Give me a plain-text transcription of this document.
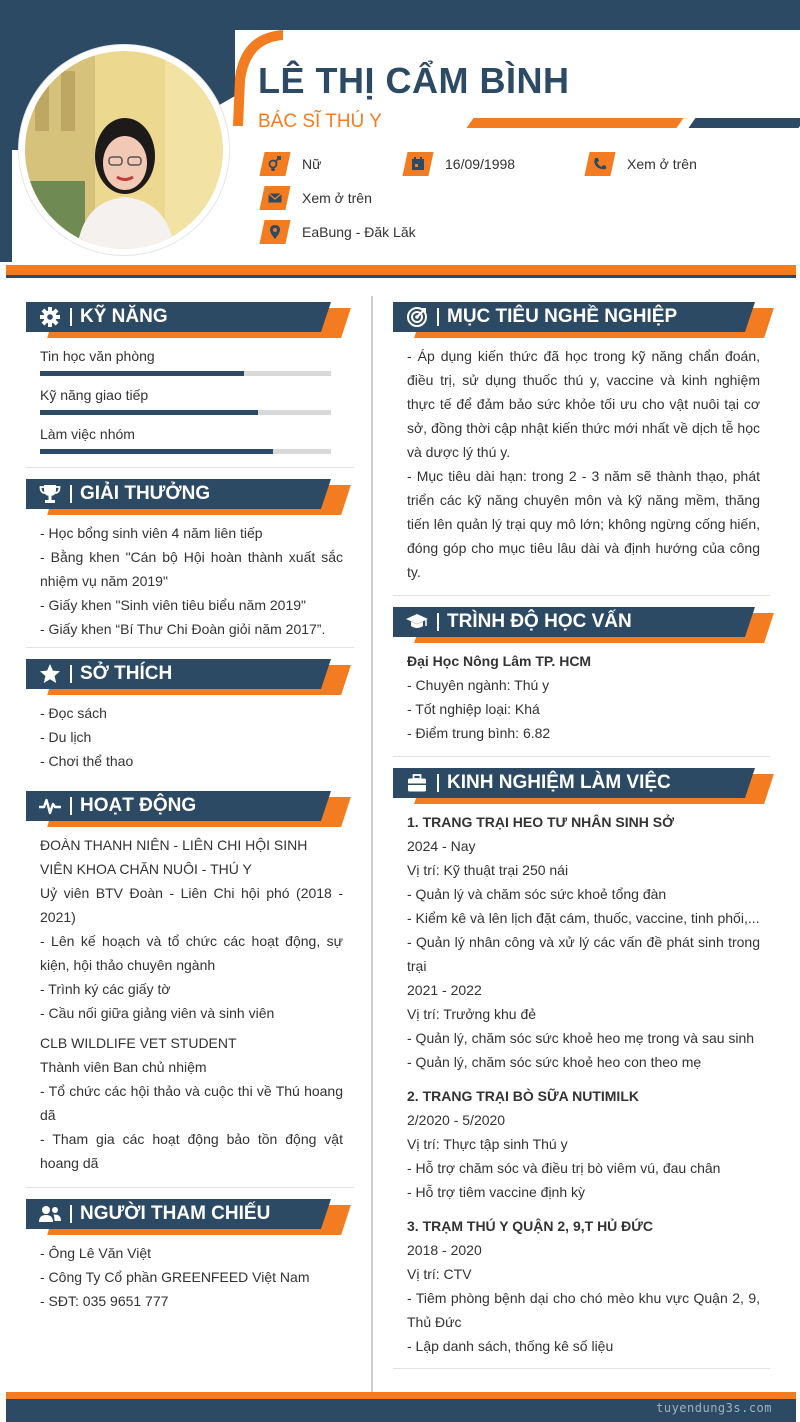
LÊ THỊ CẨM BÌNH
BÁC SĨ THÚ Y
Nữ	16/09/1998	Xem ở trên
Xem ở trên
EaBung - Đăk Lăk
KỸ NĂNG
Tin học văn phòng
Kỹ năng giao tiếp
Làm việc nhóm
GIẢI THƯỞNG

- Học bổng sinh viên 4 năm liên tiếp

- Bằng khen "Cán bộ Hội hoàn thành xuất sắc nhiệm vụ năm 2019"

- Giấy khen "Sinh viên tiêu biểu năm 2019"

- Giấy khen “Bí Thư Chi Đoàn giỏi năm 2017”.

SỞ THÍCH

- Đọc sách

- Du lịch

- Chơi thể thao

HOẠT ĐỘNG

ĐOÀN THANH NIÊN - LIÊN CHI HỘI SINH VIÊN KHOA CHĂN NUÔI - THÚ Y

Uỷ viên BTV Đoàn - Liên Chi hội phó (2018 - 2021)

- Lên kế hoạch và tổ chức các hoạt động, sự kiện, hội thảo chuyên ngành

- Trình ký các giấy tờ

- Cầu nối giữa giảng viên và sinh viên

CLB WILDLIFE VET STUDENT

Thành viên Ban chủ nhiệm

- Tổ chức các hội thảo và cuộc thi về Thú hoang dã

- Tham gia các hoạt động bảo tồn động vật hoang dã

NGƯỜI THAM CHIẾU

- Ông Lê Văn Việt

- Công Ty Cổ phần GREENFEED Việt Nam

- SĐT: 035 9651 777

MỤC TIÊU NGHỀ NGHIỆP

- Áp dụng kiến thức đã học trong kỹ năng chẩn đoán, điều trị, sử dụng thuốc thú y, vaccine và kinh nghiệm thực tế để đảm bảo sức khỏe tối ưu cho vật nuôi tại cơ sở, đồng thời cập nhật kiến thức mới nhất về dịch tễ học và dược lý thú y.

- Mục tiêu dài hạn: trong 2 - 3 năm sẽ thành thạo, phát triển các kỹ năng chuyên môn và kỹ năng mềm, thăng tiến lên quản lý trại quy mô lớn; không ngừng cống hiến, đóng góp cho mục tiêu lâu dài và định hướng của công ty.

TRÌNH ĐỘ HỌC VẤN

Đại Học Nông Lâm TP. HCM

- Chuyên ngành: Thú y

- Tốt nghiệp loại: Khá

- Điểm trung bình: 6.82

KINH NGHIỆM LÀM VIỆC

1. TRANG TRẠI HEO TƯ NHÂN SINH SỞ

2024 - Nay

Vị trí: Kỹ thuật trại 250 nái

- Quản lý và chăm sóc sức khoẻ tổng đàn

- Kiểm kê và lên lịch đặt cám, thuốc, vaccine, tinh phối,...

- Quản lý nhân công và xử lý các vấn đề phát sinh trong trại

2021 - 2022

Vị trí: Trưởng khu đẻ

- Quản lý, chăm sóc sức khoẻ heo mẹ trong và sau sinh

- Quản lý, chăm sóc sức khoẻ heo con theo mẹ

2. TRANG TRẠI BÒ SỮA NUTIMILK

2/2020 - 5/2020

Vị trí: Thực tập sinh Thú y

- Hỗ trợ chăm sóc và điều trị bò viêm vú, đau chân

- Hỗ trợ tiêm vaccine định kỳ

3. TRẠM THÚ Y QUẬN 2, 9,T HỦ ĐỨC

2018 - 2020

Vị trí: CTV

- Tiêm phòng bệnh dại cho chó mèo khu vực Quận 2, 9, Thủ Đức

- Lập danh sách, thống kê số liệu

tuyendung3s.com
